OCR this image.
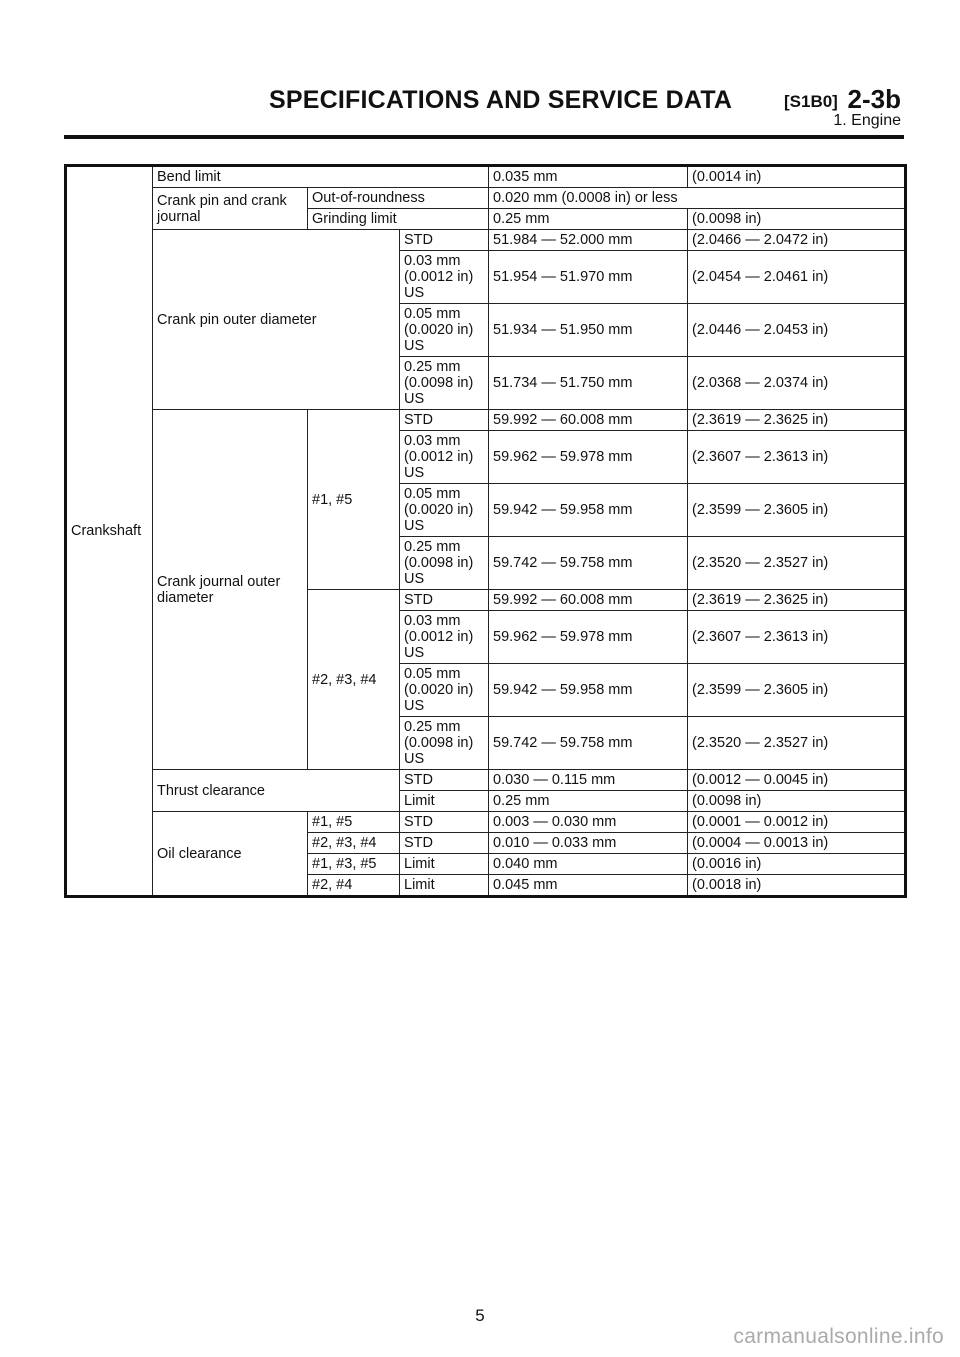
SPECIFICATIONS AND SERVICE DATA	[S1B0] 2-3b
1. Engine
Crankshaft	Bend limit			0.035 mm	(0.0014 in)
	Crank pin and crank journal	Out-of-roundness		0.020 mm (0.0008 in) or less	
		Grinding limit		0.25 mm	(0.0098 in)
	Crank pin outer diameter		STD	51.984 — 52.000 mm	(2.0466 — 2.0472 in)
			0.03 mm (0.0012 in) US	51.954 — 51.970 mm	(2.0454 — 2.0461 in)
			0.05 mm (0.0020 in) US	51.934 — 51.950 mm	(2.0446 — 2.0453 in)
			0.25 mm (0.0098 in) US	51.734 — 51.750 mm	(2.0368 — 2.0374 in)
	Crank journal outer diameter	#1, #5	STD	59.992 — 60.008 mm	(2.3619 — 2.3625 in)
			0.03 mm (0.0012 in) US	59.962 — 59.978 mm	(2.3607 — 2.3613 in)
			0.05 mm (0.0020 in) US	59.942 — 59.958 mm	(2.3599 — 2.3605 in)
			0.25 mm (0.0098 in) US	59.742 — 59.758 mm	(2.3520 — 2.3527 in)
		#2, #3, #4	STD	59.992 — 60.008 mm	(2.3619 — 2.3625 in)
			0.03 mm (0.0012 in) US	59.962 — 59.978 mm	(2.3607 — 2.3613 in)
			0.05 mm (0.0020 in) US	59.942 — 59.958 mm	(2.3599 — 2.3605 in)
			0.25 mm (0.0098 in) US	59.742 — 59.758 mm	(2.3520 — 2.3527 in)
	Thrust clearance		STD	0.030 — 0.115 mm	(0.0012 — 0.0045 in)
			Limit	0.25 mm	(0.0098 in)
	Oil clearance	#1, #5	STD	0.003 — 0.030 mm	(0.0001 — 0.0012 in)
		#2, #3, #4	STD	0.010 — 0.033 mm	(0.0004 — 0.0013 in)
		#1, #3, #5	Limit	0.040 mm	(0.0016 in)
		#2, #4	Limit	0.045 mm	(0.0018 in)
5
carmanualsonline.info
